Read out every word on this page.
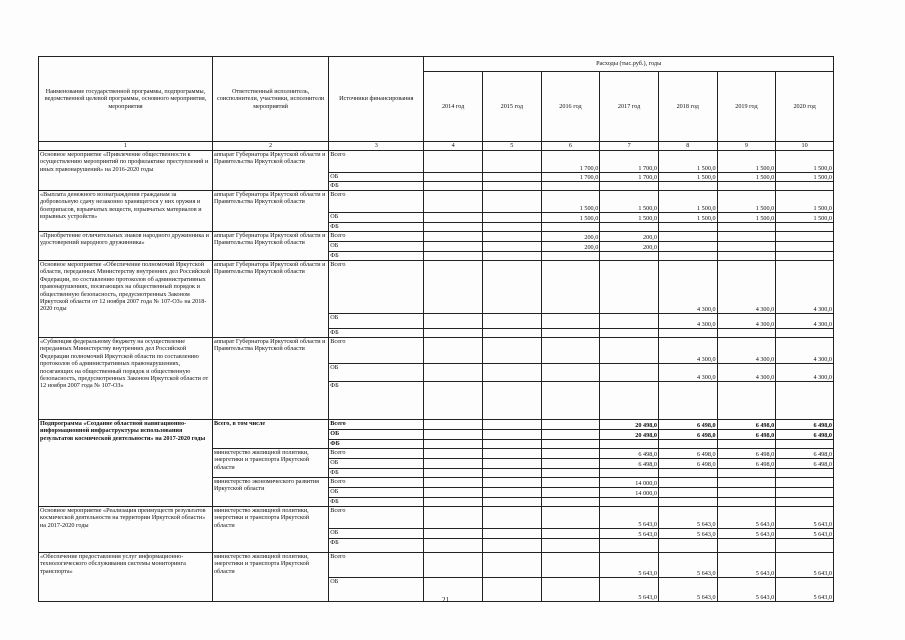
Наименование государственной программы, подпрограммы, ведомственной целевой программы, основного мероприятия, мероприятия	Ответственный исполнитель, соисполнители, участники, исполнители мероприятий	Источники финансирования	Расходы (тыс.руб.), годы						
			2014 год	2015 год	2016 год	2017 год	2018 год	2019 год	2020 год
1	2	3	4	5	6	7	8	9	10
Основное мероприятие «Привлечение общественности к осуществлению мероприятий по профилактике преступлений и иных правонарушений» на 2016-2020 годы	аппарат Губернатора Иркутской области и Правительства Иркутской области	Всего			1 700,0	1 700,0	1 500,0	1 500,0	1 500,0
		ОБ			1 700,0	1 700,0	1 500,0	1 500,0	1 500,0
		ФБ							
«Выплата денежного вознаграждения гражданам за добровольную сдачу незаконно хранящегося у них оружия и боеприпасов, взрывчатых веществ, взрывчатых материалов и взрывных устройств»	аппарат Губернатора Иркутской области и Правительства Иркутской области	Всего			1 500,0	1 500,0	1 500,0	1 500,0	1 500,0
		ОБ			1 500,0	1 500,0	1 500,0	1 500,0	1 500,0
		ФБ							
«Приобретение отличительных знаков народного дружинника и удостоверений народного дружинника»	аппарат Губернатора Иркутской области и Правительства Иркутской области	Всего			200,0	200,0			
		ОБ			200,0	200,0			
		ФБ							
Основное мероприятие «Обеспечение полномочий Иркутской области, переданных Министерству внутренних дел Российской Федерации, по составлению протоколов об административных правонарушениях, посягающих на общественный порядок и общественную безопасность, предусмотренных Законом Иркутской области от 12 ноября 2007 года № 107-ОЗ» на 2018-2020 годы	аппарат Губернатора Иркутской области и Правительства Иркутской области	Всего					4 300,0	4 300,0	4 300,0
		ОБ					4 300,0	4 300,0	4 300,0
		ФБ							
«Субвенция федеральному бюджету на осуществление переданных Министерству внутренних дел Российской Федерации полномочий Иркутской области по составлению протоколов об административных правонарушениях, посягающих на общественный порядок и общественную безопасность, предусмотренных Законом Иркутской области от 12 ноября 2007 года № 107-ОЗ»	аппарат Губернатора Иркутской области и Правительства Иркутской области	Всего					4 300,0	4 300,0	4 300,0
		ОБ					4 300,0	4 300,0	4 300,0
		ФБ							
Подпрограмма «Создание областной навигационно-информационной инфраструктуры использования результатов космической деятельности» на 2017-2020 годы	Всего, в том числе	Всего				20 498,0	6 498,0	6 498,0	6 498,0
		ОБ				20 498,0	6 498,0	6 498,0	6 498,0
		ФБ							
	министерство жилищной политики, энергетики и транспорта Иркутской области	Всего				6 498,0	6 498,0	6 498,0	6 498,0
		ОБ				6 498,0	6 498,0	6 498,0	6 498,0
		ФБ							
	министерство экономического развития Иркутской области	Всего				14 000,0			
		ОБ				14 000,0			
		ФБ							
Основное мероприятие «Реализация преимуществ результатов космической деятельности на территории Иркутской области» на 2017-2020 годы	министерство жилищной политики, энергетики и транспорта Иркутской области	Всего				5 643,0	5 643,0	5 643,0	5 643,0
		ОБ				5 643,0	5 643,0	5 643,0	5 643,0
		ФБ							
«Обеспечение предоставления услуг информационно-технологического обслуживания системы мониторинга транспорта»	министерство жилищной политики, энергетики и транспорта Иркутской области	Всего				5 643,0	5 643,0	5 643,0	5 643,0
		ОБ				5 643,0	5 643,0	5 643,0	5 643,0
21
